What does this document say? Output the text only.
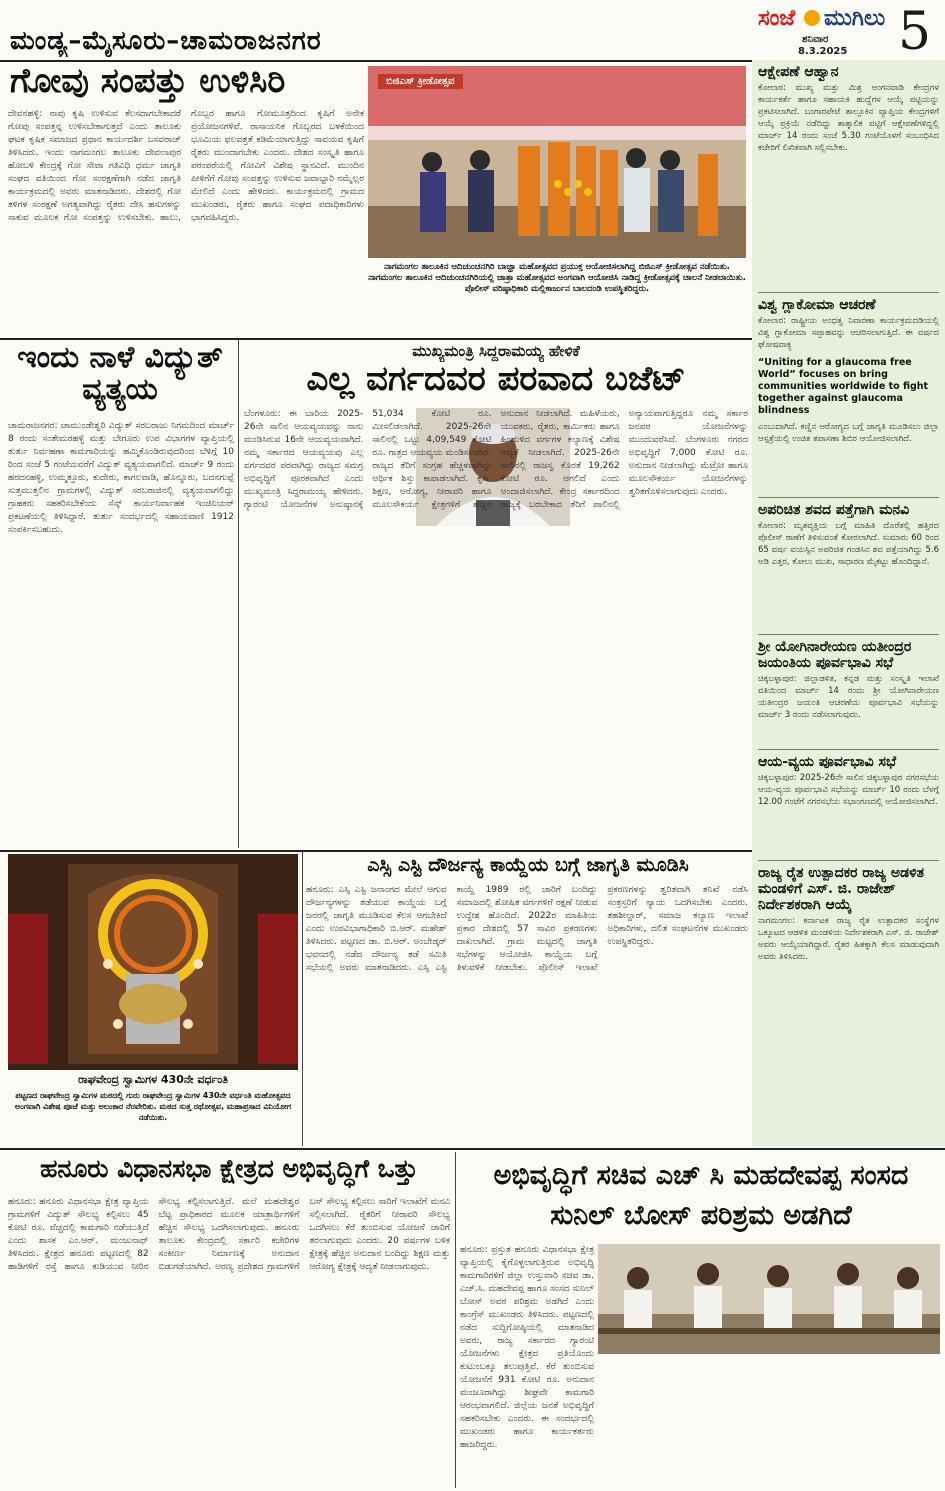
ಮಂಡ್ಯ–ಮೈಸೂರು–ಚಾಮರಾಜನಗರ
ಸಂಜೆ ಮುಗಿಲು
ಶನಿವಾರ
8.3.2025 5
ಗೋವು ಸಂಪತ್ತು ಉಳಿಸಿರಿ
ದೇವನಹಳ್ಳಿ: ನಾವು ಕೃಷಿ ಉಳಿಸುವ ಕೆಲಸದಾಗಬೇಕಾದರೆ ಗೋವು ಸಂಪತ್ತನ್ನ ಉಳಿಸಬೇಕಾಗುತ್ತದೆ ಎಂದು ತಾಲೂಕು ಘಟಕ ಕೃಷಿಕ ಸಮಾಜದ ಪ್ರಧಾನ ಕಾರ್ಯದರ್ಶಿ ಬಸವರಾಜ್ ತಿಳಿಸಿದರು. ಇಂದು ನಾಗಮಂಗಲ ತಾಲೂಕು ದೇವಲಾಪುರ ಹೋಬಳಿ ಕೇಂದ್ರಕ್ಕೆ ಗೋ ಸೇವಾ ಗತಿವಿಧಿ ಧರ್ಮ ಜಾಗೃತಿ ಸಂಘದ ವತಿಯಿಂದ ಗೋ ಸಂರಕ್ಷಣೆಗಾಗಿ ನಡೆದ ಜಾಗೃತಿ ಕಾರ್ಯಕ್ರಮದಲ್ಲಿ ಅವರು ಮಾತನಾಡಿದರು. ದೇಶದಲ್ಲಿ ಗೋ ತಳಿಗಳ ಸಂರಕ್ಷಣೆ ಅಗತ್ಯವಾಗಿದ್ದು ರೈತರು ದೇಸಿ ಹಸುಗಳನ್ನು ಸಾಕುವ ಮೂಲಕ ಗೋ ಸಂಪತ್ತನ್ನು ಉಳಿಸಬೇಕು. ಹಾಲು, ಗೊಬ್ಬರ ಹಾಗೂ ಗೋಮೂತ್ರದಿಂದ ಕೃಷಿಗೆ ಅನೇಕ ಪ್ರಯೋಜನಗಳಿವೆ. ರಾಸಾಯನಿಕ ಗೊಬ್ಬರದ ಬಳಕೆಯಿಂದ ಭೂಮಿಯ ಫಲವತ್ತತೆ ಕಡಿಮೆಯಾಗುತ್ತಿದ್ದು ಸಾವಯವ ಕೃಷಿಗೆ ರೈತರು ಮುಂದಾಗಬೇಕು ಎಂದರು. ದೇಶದ ಸಂಸ್ಕೃತಿ ಹಾಗೂ ಪರಂಪರೆಯಲ್ಲಿ ಗೋವಿಗೆ ವಿಶೇಷ ಸ್ಥಾನವಿದೆ. ಮುಂದಿನ ಪೀಳಿಗೆಗೆ ಗೋವು ಸಂಪತ್ತನ್ನು ಉಳಿಸುವ ಜವಾಬ್ದಾರಿ ನಮ್ಮೆಲ್ಲರ ಮೇಲಿದೆ ಎಂದು ಹೇಳಿದರು. ಕಾರ್ಯಕ್ರಮದಲ್ಲಿ ಗ್ರಾಮದ ಮುಖಂಡರು, ರೈತರು ಹಾಗೂ ಸಂಘದ ಪದಾಧಿಕಾರಿಗಳು ಭಾಗವಹಿಸಿದ್ದರು.
ಬಿಜಿಎಸ್ ಕ್ರೀಡೋತ್ಸವ
ನಾಗಮಂಗಲ ತಾಲೂಕಿನ ಆದಿಚುಂಚನಗಿರಿ ಬಾಜ್ಹಾ ಮಹೋತ್ಸವದ ಪ್ರಯುಕ್ತ ಆಯೋಜಿಸಲಾಗಿದ್ದ ಬಿಜಿಎಸ್ ಕ್ರೀಡೋತ್ಸವ ನಡೆಯಿತು. ನಾಗಮಂಗಲ ತಾಲೂಕಿನ ಆದಿಚುಂಚನಗಿರಿಯಲ್ಲಿ ಜಾತ್ರಾ ಮಹೋತ್ಸವದ ಅಂಗವಾಗಿ ಆಯೋಜಿಸಿ ನಾಡಿದ್ದ ಕ್ರೀಡೋತ್ಸವಕ್ಕೆ ಚಾಲನೆ ನೀಡಲಾಯಿತು. ಪೊಲೀಸ್ ವರಿಷ್ಠಾಧಿಕಾರಿ ಮಲ್ಲಿಕಾರ್ಜುನ ಬಾಲದಂಡಿ ಉಪಸ್ಥಿತರಿದ್ದರು.
ಇಂದು ನಾಳೆ ವಿದ್ಯುತ್ ವ್ಯತ್ಯಯ
ಚಾಮರಾಜನಗರ: ಚಾಮುಂಡೇಶ್ವರಿ ವಿದ್ಯುತ್ ಸರಬರಾಜು ನಿಗಮದಿಂದ ಮಾರ್ಚ್ 8 ರಂದು ಸಂತೇಮರಹಳ್ಳಿ ಮತ್ತು ಬೇಗೂರು ಉಪ ವಿಭಾಗಗಳ ವ್ಯಾಪ್ತಿಯಲ್ಲಿ ತುರ್ತು ನಿರ್ವಹಣಾ ಕಾಮಗಾರಿಯನ್ನು ಹಮ್ಮಿಕೊಂಡಿರುವುದರಿಂದ ಬೆಳಿಗ್ಗೆ 10 ರಿಂದ ಸಂಜೆ 5 ಗಂಟೆಯವರೆಗೆ ವಿದ್ಯುತ್ ವ್ಯತ್ಯಯವಾಗಲಿದೆ. ಮಾರ್ಚ್ 9 ರಂದು ಹರದನಹಳ್ಳಿ, ಉಮ್ಮತ್ತೂರು, ಕುದೇರು, ಕಾಗಲವಾಡಿ, ಹೊನ್ನೂರು, ಬದನಗುಪ್ಪೆ ಸುತ್ತಮುತ್ತಲಿನ ಗ್ರಾಮಗಳಲ್ಲಿ ವಿದ್ಯುತ್ ಸರಬರಾಜಿನಲ್ಲಿ ವ್ಯತ್ಯಯವಾಗಲಿದ್ದು ಗ್ರಾಹಕರು ಸಹಕರಿಸಬೇಕೆಂದು ಸೆಸ್ಕ್ ಕಾರ್ಯನಿರ್ವಾಹಕ ಇಂಜಿನಿಯರ್ ಪ್ರಕಟಣೆಯಲ್ಲಿ ತಿಳಿಸಿದ್ದಾರೆ. ತುರ್ತು ಸಂದರ್ಭದಲ್ಲಿ ಸಹಾಯವಾಣಿ 1912 ಸಂಪರ್ಕಿಸಬಹುದು.
ಮುಖ್ಯಮಂತ್ರಿ ಸಿದ್ದರಾಮಯ್ಯ ಹೇಳಿಕೆ
ಎಲ್ಲ ವರ್ಗದವರ ಪರವಾದ ಬಜೆಟ್
ಬೆಂಗಳೂರು: ಈ ಬಾರಿಯ 2025-26ನೇ ಸಾಲಿನ ಆಯವ್ಯಯವನ್ನು ನಾನು ಮಂಡಿಸಿರುವ 16ನೇ ಆಯವ್ಯಯವಾಗಿದೆ. ನಮ್ಮ ಸರ್ಕಾರದ ಆಯವ್ಯಯವು ಎಲ್ಲ ವರ್ಗದವರ ಪರವಾಗಿದ್ದು ರಾಜ್ಯದ ಸಮಗ್ರ ಅಭಿವೃದ್ಧಿಗೆ ಪೂರಕವಾಗಿದೆ ಎಂದು ಮುಖ್ಯಮಂತ್ರಿ ಸಿದ್ದರಾಮಯ್ಯ ಹೇಳಿದರು. ಗ್ಯಾರಂಟಿ ಯೋಜನೆಗಳ ಅನುಷ್ಠಾನಕ್ಕೆ 51,034 ಕೋಟಿ ರೂ. ಮೀಸಲಿಡಲಾಗಿದೆ. 2025-26ನೇ ಸಾಲಿನಲ್ಲಿ ಒಟ್ಟು 4,09,549 ಕೋಟಿ ರೂ. ಗಾತ್ರದ ಆಯವ್ಯಯ ಮಂಡಿಸಲಾಗಿದೆ. ರಾಜ್ಯದ ತೆರಿಗೆ ಸಂಗ್ರಹ ಹೆಚ್ಚಳವಾಗಿದ್ದು ಆರ್ಥಿಕ ಶಿಸ್ತು ಕಾಪಾಡಲಾಗಿದೆ. ಕೃಷಿ, ಶಿಕ್ಷಣ, ಆರೋಗ್ಯ, ನೀರಾವರಿ ಹಾಗೂ ಮೂಲಸೌಕರ್ಯ ಕ್ಷೇತ್ರಗಳಿಗೆ ಹೆಚ್ಚಿನ ಅನುದಾನ ನೀಡಲಾಗಿದೆ. ಮಹಿಳೆಯರು, ಯುವಕರು, ರೈತರು, ಕಾರ್ಮಿಕರು ಹಾಗೂ ಹಿಂದುಳಿದ ವರ್ಗಗಳ ಕಲ್ಯಾಣಕ್ಕೆ ವಿಶೇಷ ಆದ್ಯತೆ ನೀಡಲಾಗಿದೆ. 2025-26ನೇ ಸಾಲಿನಲ್ಲಿ ರಾಜಸ್ವ ಕೊರತೆ 19,262 ಕೋಟಿ ರೂ. ಆಗಲಿದೆ ಎಂದು ಅಂದಾಜಿಸಲಾಗಿದೆ. ಕೇಂದ್ರ ಸರ್ಕಾರದಿಂದ ರಾಜ್ಯಕ್ಕೆ ಬರಬೇಕಾದ ತೆರಿಗೆ ಪಾಲಿನಲ್ಲಿ ಅನ್ಯಾಯವಾಗುತ್ತಿದ್ದರೂ ನಮ್ಮ ಸರ್ಕಾರ ಜನಪರ ಯೋಜನೆಗಳನ್ನು ಮುಂದುವರೆಸಿದೆ. ಬೆಂಗಳೂರು ನಗರದ ಅಭಿವೃದ್ಧಿಗೆ 7,000 ಕೋಟಿ ರೂ. ಅನುದಾನ ನೀಡಲಾಗಿದ್ದು ಮೆಟ್ರೋ ಹಾಗೂ ಮೂಲಸೌಕರ್ಯ ಯೋಜನೆಗಳನ್ನು ತ್ವರಿತಗೊಳಿಸಲಾಗುವುದು ಎಂದರು.
ರಾಘವೇಂದ್ರ ಸ್ವಾಮಿಗಳ 430ನೇ ವರ್ಧಂತಿ
ಪಟ್ಟಣದ ರಾಘವೇಂದ್ರ ಸ್ವಾಮಿಗಳ ಮಠದಲ್ಲಿ ಗುರು ರಾಘವೇಂದ್ರ ಸ್ವಾಮಿಗಳ 430ನೇ ವರ್ಧಂತಿ ಮಹೋತ್ಸವದ ಅಂಗವಾಗಿ ವಿಶೇಷ ಪೂಜೆ ಮತ್ತು ಅಲಂಕಾರ ನೆರವೇರಿತು. ಮಠದ ಸುತ್ತ ರಥೋತ್ಸವ, ಮಹಾಪ್ರಸಾದ ವಿನಿಯೋಗ ನಡೆಯಿತು.
ಎಸ್ಸಿ ಎಸ್ಟಿ ದೌರ್ಜನ್ಯ ಕಾಯ್ದೆಯ ಬಗ್ಗೆ ಜಾಗೃತಿ ಮೂಡಿಸಿ
ಹನೂರು: ಎಸ್ಸಿ ಎಸ್ಟಿ ಜನಾಂಗದ ಮೇಲೆ ಆಗುವ ದೌರ್ಜನ್ಯಗಳನ್ನು ತಡೆಯುವ ಕಾಯ್ದೆಯ ಬಗ್ಗೆ ಜನರಲ್ಲಿ ಜಾಗೃತಿ ಮೂಡಿಸುವ ಕೆಲಸ ಆಗಬೇಕಿದೆ ಎಂದು ಉಪವಿಭಾಗಾಧಿಕಾರಿ ಬಿ.ಆರ್. ಮಹೇಶ್ ತಿಳಿಸಿದರು. ಪಟ್ಟಣದ ಡಾ. ಬಿ.ಆರ್. ಅಂಬೇಡ್ಕರ್ ಭವನದಲ್ಲಿ ನಡೆದ ದೌರ್ಜನ್ಯ ತಡೆ ಸಮಿತಿ ಸಭೆಯಲ್ಲಿ ಅವರು ಮಾತನಾಡಿದರು. ಎಸ್ಸಿ ಎಸ್ಟಿ ಕಾಯ್ದೆ 1989 ರಲ್ಲಿ ಜಾರಿಗೆ ಬಂದಿದ್ದು ಸಮಾಜದಲ್ಲಿ ಶೋಷಿತ ವರ್ಗಗಳಿಗೆ ರಕ್ಷಣೆ ನೀಡುವ ಉದ್ದೇಶ ಹೊಂದಿದೆ. 2022ರ ಮಾಹಿತಿಯ ಪ್ರಕಾರ ದೇಶದಲ್ಲಿ 57 ಸಾವಿರ ಪ್ರಕರಣಗಳು ದಾಖಲಾಗಿವೆ. ಗ್ರಾಮ ಮಟ್ಟದಲ್ಲಿ ಜಾಗೃತಿ ಸಭೆಗಳನ್ನು ಆಯೋಜಿಸಿ ಕಾಯ್ದೆಯ ಬಗ್ಗೆ ತಿಳುವಳಿಕೆ ನೀಡಬೇಕು. ಪೊಲೀಸ್ ಇಲಾಖೆ ಪ್ರಕರಣಗಳನ್ನು ತ್ವರಿತವಾಗಿ ತನಿಖೆ ನಡೆಸಿ ಸಂತ್ರಸ್ತರಿಗೆ ನ್ಯಾಯ ಒದಗಿಸಬೇಕು ಎಂದರು. ತಹಶೀಲ್ದಾರ್, ಸಮಾಜ ಕಲ್ಯಾಣ ಇಲಾಖೆ ಅಧಿಕಾರಿಗಳು, ದಲಿತ ಸಂಘಟನೆಗಳ ಮುಖಂಡರು ಉಪಸ್ಥಿತರಿದ್ದರು.
ಹನೂರು ವಿಧಾನಸಭಾ ಕ್ಷೇತ್ರದ ಅಭಿವೃದ್ಧಿಗೆ ಒತ್ತು
ಹನೂರು: ಹನೂರು ವಿಧಾನಸಭಾ ಕ್ಷೇತ್ರ ವ್ಯಾಪ್ತಿಯ ಗ್ರಾಮಗಳಿಗೆ ವಿದ್ಯುತ್ ಸೌಲಭ್ಯ ಕಲ್ಪಿಸಲು 45 ಕೋಟಿ ರೂ. ವೆಚ್ಚದಲ್ಲಿ ಕಾಮಗಾರಿ ನಡೆಯುತ್ತಿದೆ ಎಂದು ಶಾಸಕ ಎಂ.ಆರ್. ಮಂಜುನಾಥ್ ತಿಳಿಸಿದರು. ಕ್ಷೇತ್ರದ ಹನೂರು ಪಟ್ಟಣದಲ್ಲಿ 82 ಹಾಡಿಗಳಿಗೆ ರಸ್ತೆ ಹಾಗೂ ಕುಡಿಯುವ ನೀರಿನ ಸೌಲಭ್ಯ ಕಲ್ಪಿಸಲಾಗುತ್ತಿದೆ. ಮಲೆ ಮಹದೇಶ್ವರ ಬೆಟ್ಟ ಪ್ರಾಧಿಕಾರದ ಮೂಲಕ ಯಾತ್ರಾರ್ಥಿಗಳಿಗೆ ಹೆಚ್ಚಿನ ಸೌಲಭ್ಯ ಒದಗಿಸಲಾಗುವುದು. ಹನೂರು ತಾಲೂಕು ಕೇಂದ್ರದಲ್ಲಿ ಸರ್ಕಾರಿ ಕಚೇರಿಗಳ ಸಂಕೀರ್ಣ ನಿರ್ಮಾಣಕ್ಕೆ ಅನುದಾನ ಬಿಡುಗಡೆಯಾಗಿದೆ. ಅರಣ್ಯ ಪ್ರದೇಶದ ಗ್ರಾಮಗಳಿಗೆ ಬಸ್ ಸೌಲಭ್ಯ ಕಲ್ಪಿಸಲು ಸಾರಿಗೆ ಇಲಾಖೆಗೆ ಮನವಿ ಸಲ್ಲಿಸಲಾಗಿದೆ. ರೈತರಿಗೆ ನೀರಾವರಿ ಸೌಲಭ್ಯ ಒದಗಿಸಲು ಕೆರೆ ತುಂಬಿಸುವ ಯೋಜನೆ ಜಾರಿಗೆ ತರಲಾಗುವುದು ಎಂದರು. 20 ವರ್ಷಗಳ ಬಳಿಕ ಕ್ಷೇತ್ರಕ್ಕೆ ಹೆಚ್ಚಿನ ಅನುದಾನ ಬಂದಿದ್ದು ಶಿಕ್ಷಣ ಮತ್ತು ಆರೋಗ್ಯ ಕ್ಷೇತ್ರಕ್ಕೆ ಆದ್ಯತೆ ನೀಡಲಾಗುವುದು.
ಅಭಿವೃದ್ಧಿಗೆ ಸಚಿವ ಎಚ್ ಸಿ ಮಹದೇವಪ್ಪ ಸಂಸದ ಸುನಿಲ್ ಬೋಸ್ ಪರಿಶ್ರಮ ಅಡಗಿದೆ
ಹನೂರು: ಪ್ರಸ್ತುತ ಹನೂರು ವಿಧಾನಸಭಾ ಕ್ಷೇತ್ರ ವ್ಯಾಪ್ತಿಯಲ್ಲಿ ಕೈಗೊಳ್ಳಲಾಗುತ್ತಿರುವ ಅಭಿವೃದ್ಧಿ ಕಾಮಗಾರಿಗಳಿಗೆ ಜಿಲ್ಲಾ ಉಸ್ತುವಾರಿ ಸಚಿವ ಡಾ. ಎಚ್.ಸಿ. ಮಹದೇವಪ್ಪ ಹಾಗೂ ಸಂಸದ ಸುನಿಲ್ ಬೋಸ್ ಅವರ ಪರಿಶ್ರಮ ಅಡಗಿದೆ ಎಂದು ಕಾಂಗ್ರೆಸ್ ಮುಖಂಡರು ತಿಳಿಸಿದರು. ಪಟ್ಟಣದಲ್ಲಿ ನಡೆದ ಸುದ್ದಿಗೋಷ್ಠಿಯಲ್ಲಿ ಮಾತನಾಡಿದ ಅವರು, ರಾಜ್ಯ ಸರ್ಕಾರದ ಗ್ಯಾರಂಟಿ ಯೋಜನೆಗಳು ಕ್ಷೇತ್ರದ ಪ್ರತಿಯೊಂದು ಕುಟುಂಬಕ್ಕೂ ತಲುಪುತ್ತಿವೆ. ಕೆರೆ ತುಂಬಿಸುವ ಯೋಜನೆಗೆ 931 ಕೋಟಿ ರೂ. ಅನುದಾನ ಮಂಜೂರಾಗಿದ್ದು ಶೀಘ್ರವೇ ಕಾಮಗಾರಿ ಆರಂಭವಾಗಲಿದೆ. ಜಿಲ್ಲೆಯ ಜನತೆ ಅಭಿವೃದ್ಧಿಗೆ ಸಹಕರಿಸಬೇಕು ಎಂದರು. ಈ ಸಂದರ್ಭದಲ್ಲಿ ಮುಖಂಡರು ಹಾಗೂ ಕಾರ್ಯಕರ್ತರು ಹಾಜರಿದ್ದರು.
ಆಕ್ಷೇಪಣೆ ಆಹ್ವಾನ
ಕೋಲಾರ: ಮುಖ್ಯ ಮತ್ತು ಮಿಶ್ರ ಅಂಗನವಾಡಿ ಕೇಂದ್ರಗಳ ಕಾರ್ಯಕರ್ತೆ ಹಾಗೂ ಸಹಾಯಕಿ ಹುದ್ದೆಗಳ ಆಯ್ಕೆ ಪಟ್ಟಿಯನ್ನು ಪ್ರಕಟಿಸಲಾಗಿದೆ. ಬಂಗಾರಪೇಟೆ ತಾಲ್ಲೂಕಿನ ವ್ಯಾಪ್ತಿಯ ಕೇಂದ್ರಗಳಿಗೆ ಆಯ್ಕೆ ಪ್ರಕ್ರಿಯೆ ನಡೆದಿದ್ದು ತಾತ್ಕಾಲಿಕ ಪಟ್ಟಿಗೆ ಆಕ್ಷೇಪಣೆಗಳಿದ್ದಲ್ಲಿ ಮಾರ್ಚ್ 14 ರಂದು ಸಂಜೆ 5.30 ಗಂಟೆಯೊಳಗೆ ಸಂಬಂಧಿಸಿದ ಕಚೇರಿಗೆ ಲಿಖಿತವಾಗಿ ಸಲ್ಲಿಸಬೇಕು.
ವಿಶ್ವ ಗ್ಲಾಕೋಮಾ ಆಚರಣೆ
ಕೋಲಾರ: ರಾಷ್ಟ್ರೀಯ ಅಂಧತ್ವ ನಿವಾರಣಾ ಕಾರ್ಯಕ್ರಮದಡಿಯಲ್ಲಿ ವಿಶ್ವ ಗ್ಲಾಕೋಮಾ ಸಪ್ತಾಹವನ್ನು ಆಚರಿಸಲಾಗುತ್ತಿದೆ. ಈ ವರ್ಷದ ಘೋಷವಾಕ್ಯ
“Uniting for a glaucoma free World” focuses on bring communities worldwide to fight together against glaucoma blindness
ಎಂಬುದಾಗಿದೆ. ಕಣ್ಣಿನ ಆರೋಗ್ಯದ ಬಗ್ಗೆ ಜಾಗೃತಿ ಮೂಡಿಸಲು ಜಿಲ್ಲಾ ಆಸ್ಪತ್ರೆಯಲ್ಲಿ ಉಚಿತ ತಪಾಸಣಾ ಶಿಬಿರ ಆಯೋಜಿಸಲಾಗಿದೆ.
ಅಪರಿಚಿತ ಶವದ ಪತ್ತೆಗಾಗಿ ಮನವಿ
ಕೋಲಾರ: ಮೃತವ್ಯಕ್ತಿಯ ಬಗ್ಗೆ ಮಾಹಿತಿ ದೊರೆತಲ್ಲಿ ಹತ್ತಿರದ ಪೊಲೀಸ್ ಠಾಣೆಗೆ ತಿಳಿಸುವಂತೆ ಕೋರಲಾಗಿದೆ. ಸುಮಾರು 60 ರಿಂದ 65 ವರ್ಷ ವಯಸ್ಸಿನ ಅಪರಿಚಿತ ಗಂಡಸಿನ ಶವ ಪತ್ತೆಯಾಗಿದ್ದು 5.6 ಅಡಿ ಎತ್ತರ, ಕೋಲು ಮುಖ, ಸಾಧಾರಣ ಮೈಕಟ್ಟು ಹೊಂದಿದ್ದಾನೆ.
ಶ್ರೀ ಯೋಗಿನಾರೇಯಣ ಯತೀಂದ್ರರ ಜಯಂತಿಯ ಪೂರ್ವಭಾವಿ ಸಭೆ
ಚಿಕ್ಕಬಳ್ಳಾಪುರ: ಜಿಲ್ಲಾಡಳಿತ, ಕನ್ನಡ ಮತ್ತು ಸಂಸ್ಕೃತಿ ಇಲಾಖೆ ವತಿಯಿಂದ ಮಾರ್ಚ್ 14 ರಂದು ಶ್ರೀ ಯೋಗಿನಾರೇಯಣ ಯತೀಂದ್ರರ ಜಯಂತಿ ಆಚರಣೆಯ ಪೂರ್ವಭಾವಿ ಸಭೆಯನ್ನು ಮಾರ್ಚ್ 3 ರಂದು ನಡೆಸಲಾಗುವುದು.
ಆಯ-ವ್ಯಯ ಪೂರ್ವಭಾವಿ ಸಭೆ
ಚಿಕ್ಕಬಳ್ಳಾಪುರ: 2025-26ನೇ ಸಾಲಿನ ಚಿಕ್ಕಬಳ್ಳಾಪುರ ನಗರಸಭೆಯ ಆಯ-ವ್ಯಯ ಪೂರ್ವಭಾವಿ ಸಭೆಯನ್ನು ಮಾರ್ಚ್ 10 ರಂದು ಬೆಳಗ್ಗೆ 12.00 ಗಂಟೆಗೆ ನಗರಸಭೆಯ ಸಭಾಂಗಣದಲ್ಲಿ ಆಯೋಜಿಸಲಾಗಿದೆ.
ರಾಜ್ಯ ರೈತ ಉತ್ಪಾದಕರ ರಾಜ್ಯ ಅಡಳಿತ ಮಂಡಳಿಗೆ ಎಸ್. ಜಿ. ರಾಜೇಶ್ ನಿರ್ದೇಶಕರಾಗಿ ಆಯ್ಕೆ
ನಾಗಮಂಗಲ: ಕರ್ನಾಟಕ ರಾಜ್ಯ ರೈತ ಉತ್ಪಾದಕರ ಸಂಸ್ಥೆಗಳ ಒಕ್ಕೂಟದ ಆಡಳಿತ ಮಂಡಳಿಯ ನಿರ್ದೇಶಕರಾಗಿ ಎಸ್. ಜಿ. ರಾಜೇಶ್ ಅವರು ಆಯ್ಕೆಯಾಗಿದ್ದಾರೆ. ರೈತರ ಹಿತಕ್ಕಾಗಿ ಕೆಲಸ ಮಾಡುವುದಾಗಿ ಅವರು ತಿಳಿಸಿದರು.
